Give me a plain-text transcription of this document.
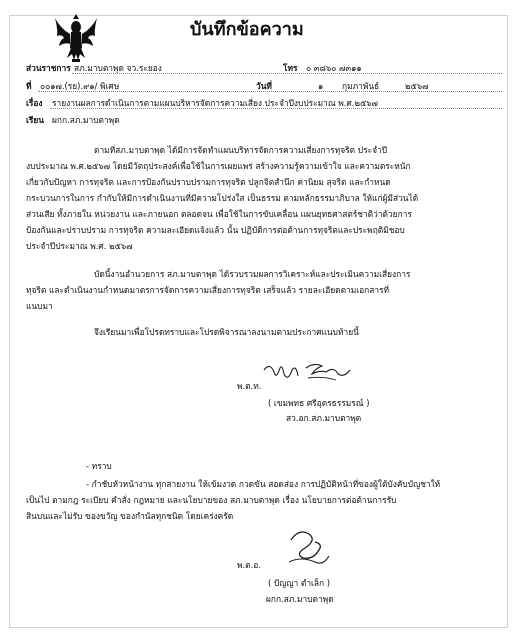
บันทึกข้อความ
ส่วนราชการ สภ.มาบตาพุด จว.ระยอง	โทร ๐ ๓๘๖๐ ๗๓๑๑
ที่ ๐๐๑๗.(รย).๙๑/ พิเศษ	วันที่	๑ กุมภาพันธ์	๒๕๖๗
เรื่อง รายงานผลการดำเนินการตามแผนบริหารจัดการความเสี่ยง ประจำปีงบประมาณ พ.ศ.๒๕๖๗
เรียน ผกก.สภ.มาบตาพุด
ตามที่สภ.มาบตาพุด ได้มีการจัดทำแผนบริหารจัดการความเสี่ยงการทุจริต ประจำปี
งบประมาณ พ.ศ.๒๕๖๗ โดยมีวัตถุประสงค์เพื่อใช้ในการเผยแพร่ สร้างความรู้ความเข้าใจ และความตระหนัก
เกี่ยวกับปัญหา การทุจริต และการป้องกันปราบปรามการทุจริต ปลูกจิตสำนึก ค่านิยม สุจริต และกำหนด
กระบวนการในการ กำกับให้มีการดำเนินงานที่มีความโปร่งใส เป็นธรรม ตามหลักธรรมาภิบาล ให้แก่ผู้มีส่วนได้
ส่วนเสีย ทั้งภายใน หน่วยงาน และภายนอก ตลอดจน เพื่อใช้ในการขับเคลื่อน แผนยุทธศาสตร์ชาติว่าด้วยการ
ป้องกันและปราบปราม การทุจริต ความละเอียดแจ้งแล้ว นั้น ปฏิบัติการต่อต้านการทุจริตและประพฤติมิชอบ
ประจำปีประมาณ พ.ศ. ๒๕๖๗
บัดนี้งานอำนวยการ สภ.มาบตาพุด ได้รวบรวมผลการวิเคราะห์และประเมินความเสี่ยงการ
ทุจริต และดำเนินงานกำหนดมาตรการจัดการความเสี่ยงการทุจริต เสร็จแล้ว รายละเอียดตามเอกสารที่
แนบมา
จึงเรียนมาเพื่อโปรดทราบและโปรดพิจารณาลงนามตามประกาศแนบท้ายนี้
พ.ต.ท.
( เขมพทธ ศรีอุดรธรรมรณ์ )
สว.อก.สภ.มาบตาพุด
- ทราบ
- กำชับหัวหน้างาน ทุกสายงาน ให้เข้มงวด กวดขัน สอดส่อง การปฏิบัติหน้าที่ของผู้ใต้บังคับบัญชาให้
เป็นไป ตามกฎ ระเบียบ คำสั่ง กฎหมาย และนโยบายของ สภ.มาบตาพุด เรื่อง นโยบายการต่อต้านการรับ
สินบนและไม่รับ ของขวัญ ของกำนัลทุกชนิด โดยเคร่งครัด
พ.ต.อ.
( ปัญญา ตำเล็ก )
ผกก.สภ.มาบตาพุด
